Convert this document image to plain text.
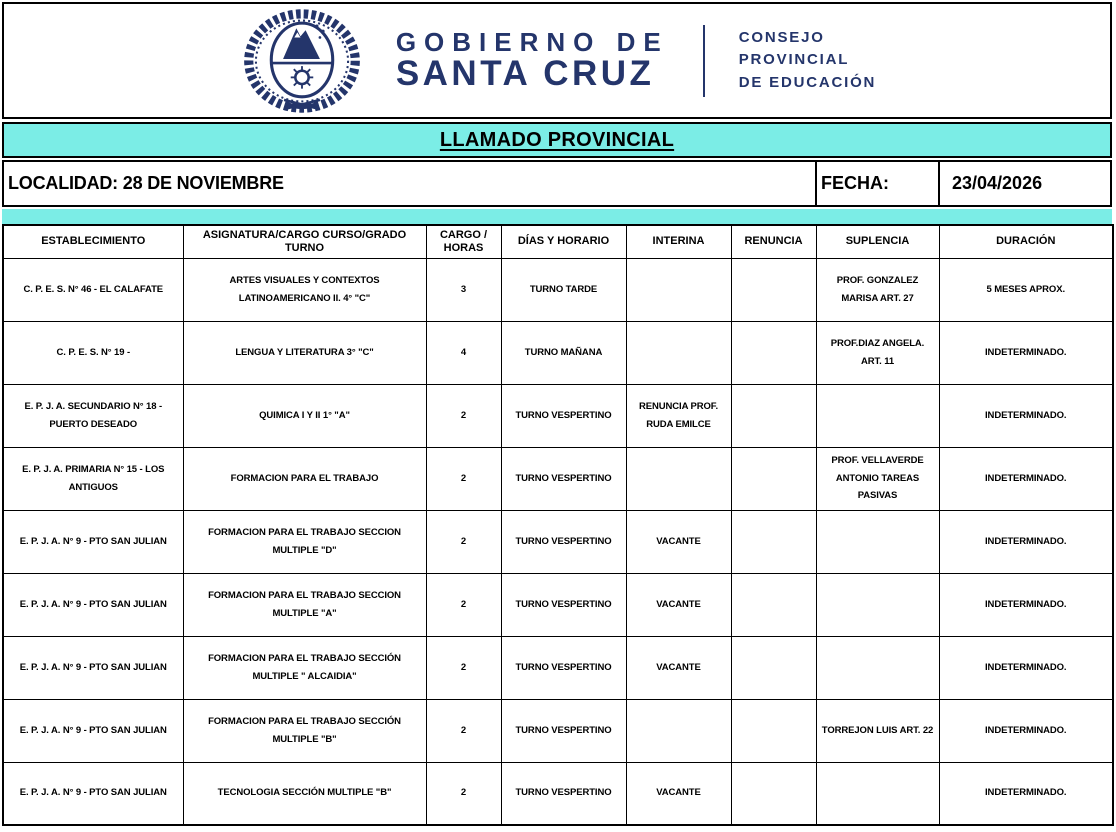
GOBIERNO DE
SANTA CRUZ
CONSEJO
PROVINCIAL
DE EDUCACIÓN
LLAMADO PROVINCIAL
LOCALIDAD: 28 DE NOVIEMBRE	FECHA:	23/04/2026
ESTABLECIMIENTO	ASIGNATURA/CARGO CURSO/GRADO TURNO	CARGO / HORAS	DÍAS Y HORARIO	INTERINA	RENUNCIA	SUPLENCIA	DURACIÓN
C. P. E. S. N° 46 - EL CALAFATE	ARTES VISUALES Y CONTEXTOS LATINOAMERICANO II. 4° "C"	3	TURNO TARDE			PROF. GONZALEZ MARISA ART. 27	5 MESES APROX.
C. P. E. S. N° 19 -	LENGUA Y LITERATURA 3° "C"	4	TURNO MAÑANA			PROF.DIAZ ANGELA. ART. 11	INDETERMINADO.
E. P. J. A. SECUNDARIO N° 18 - PUERTO DESEADO	QUIMICA I Y II 1° "A"	2	TURNO VESPERTINO	RENUNCIA PROF. RUDA EMILCE			INDETERMINADO.
E. P. J. A. PRIMARIA N° 15 - LOS ANTIGUOS	FORMACION PARA EL TRABAJO	2	TURNO VESPERTINO			PROF. VELLAVERDE ANTONIO TAREAS PASIVAS	INDETERMINADO.
E. P. J. A. N° 9 - PTO SAN JULIAN	FORMACION PARA EL TRABAJO SECCION MULTIPLE "D"	2	TURNO VESPERTINO	VACANTE			INDETERMINADO.
E. P. J. A. N° 9 - PTO SAN JULIAN	FORMACION PARA EL TRABAJO SECCION MULTIPLE "A"	2	TURNO VESPERTINO	VACANTE			INDETERMINADO.
E. P. J. A. N° 9 - PTO SAN JULIAN	FORMACION PARA EL TRABAJO SECCIÓN MULTIPLE " ALCAIDIA"	2	TURNO VESPERTINO	VACANTE			INDETERMINADO.
E. P. J. A. N° 9 - PTO SAN JULIAN	FORMACION PARA EL TRABAJO SECCIÓN MULTIPLE "B"	2	TURNO VESPERTINO			TORREJON LUIS ART. 22	INDETERMINADO.
E. P. J. A. N° 9 - PTO SAN JULIAN	TECNOLOGIA SECCIÓN MULTIPLE "B"	2	TURNO VESPERTINO	VACANTE			INDETERMINADO.
